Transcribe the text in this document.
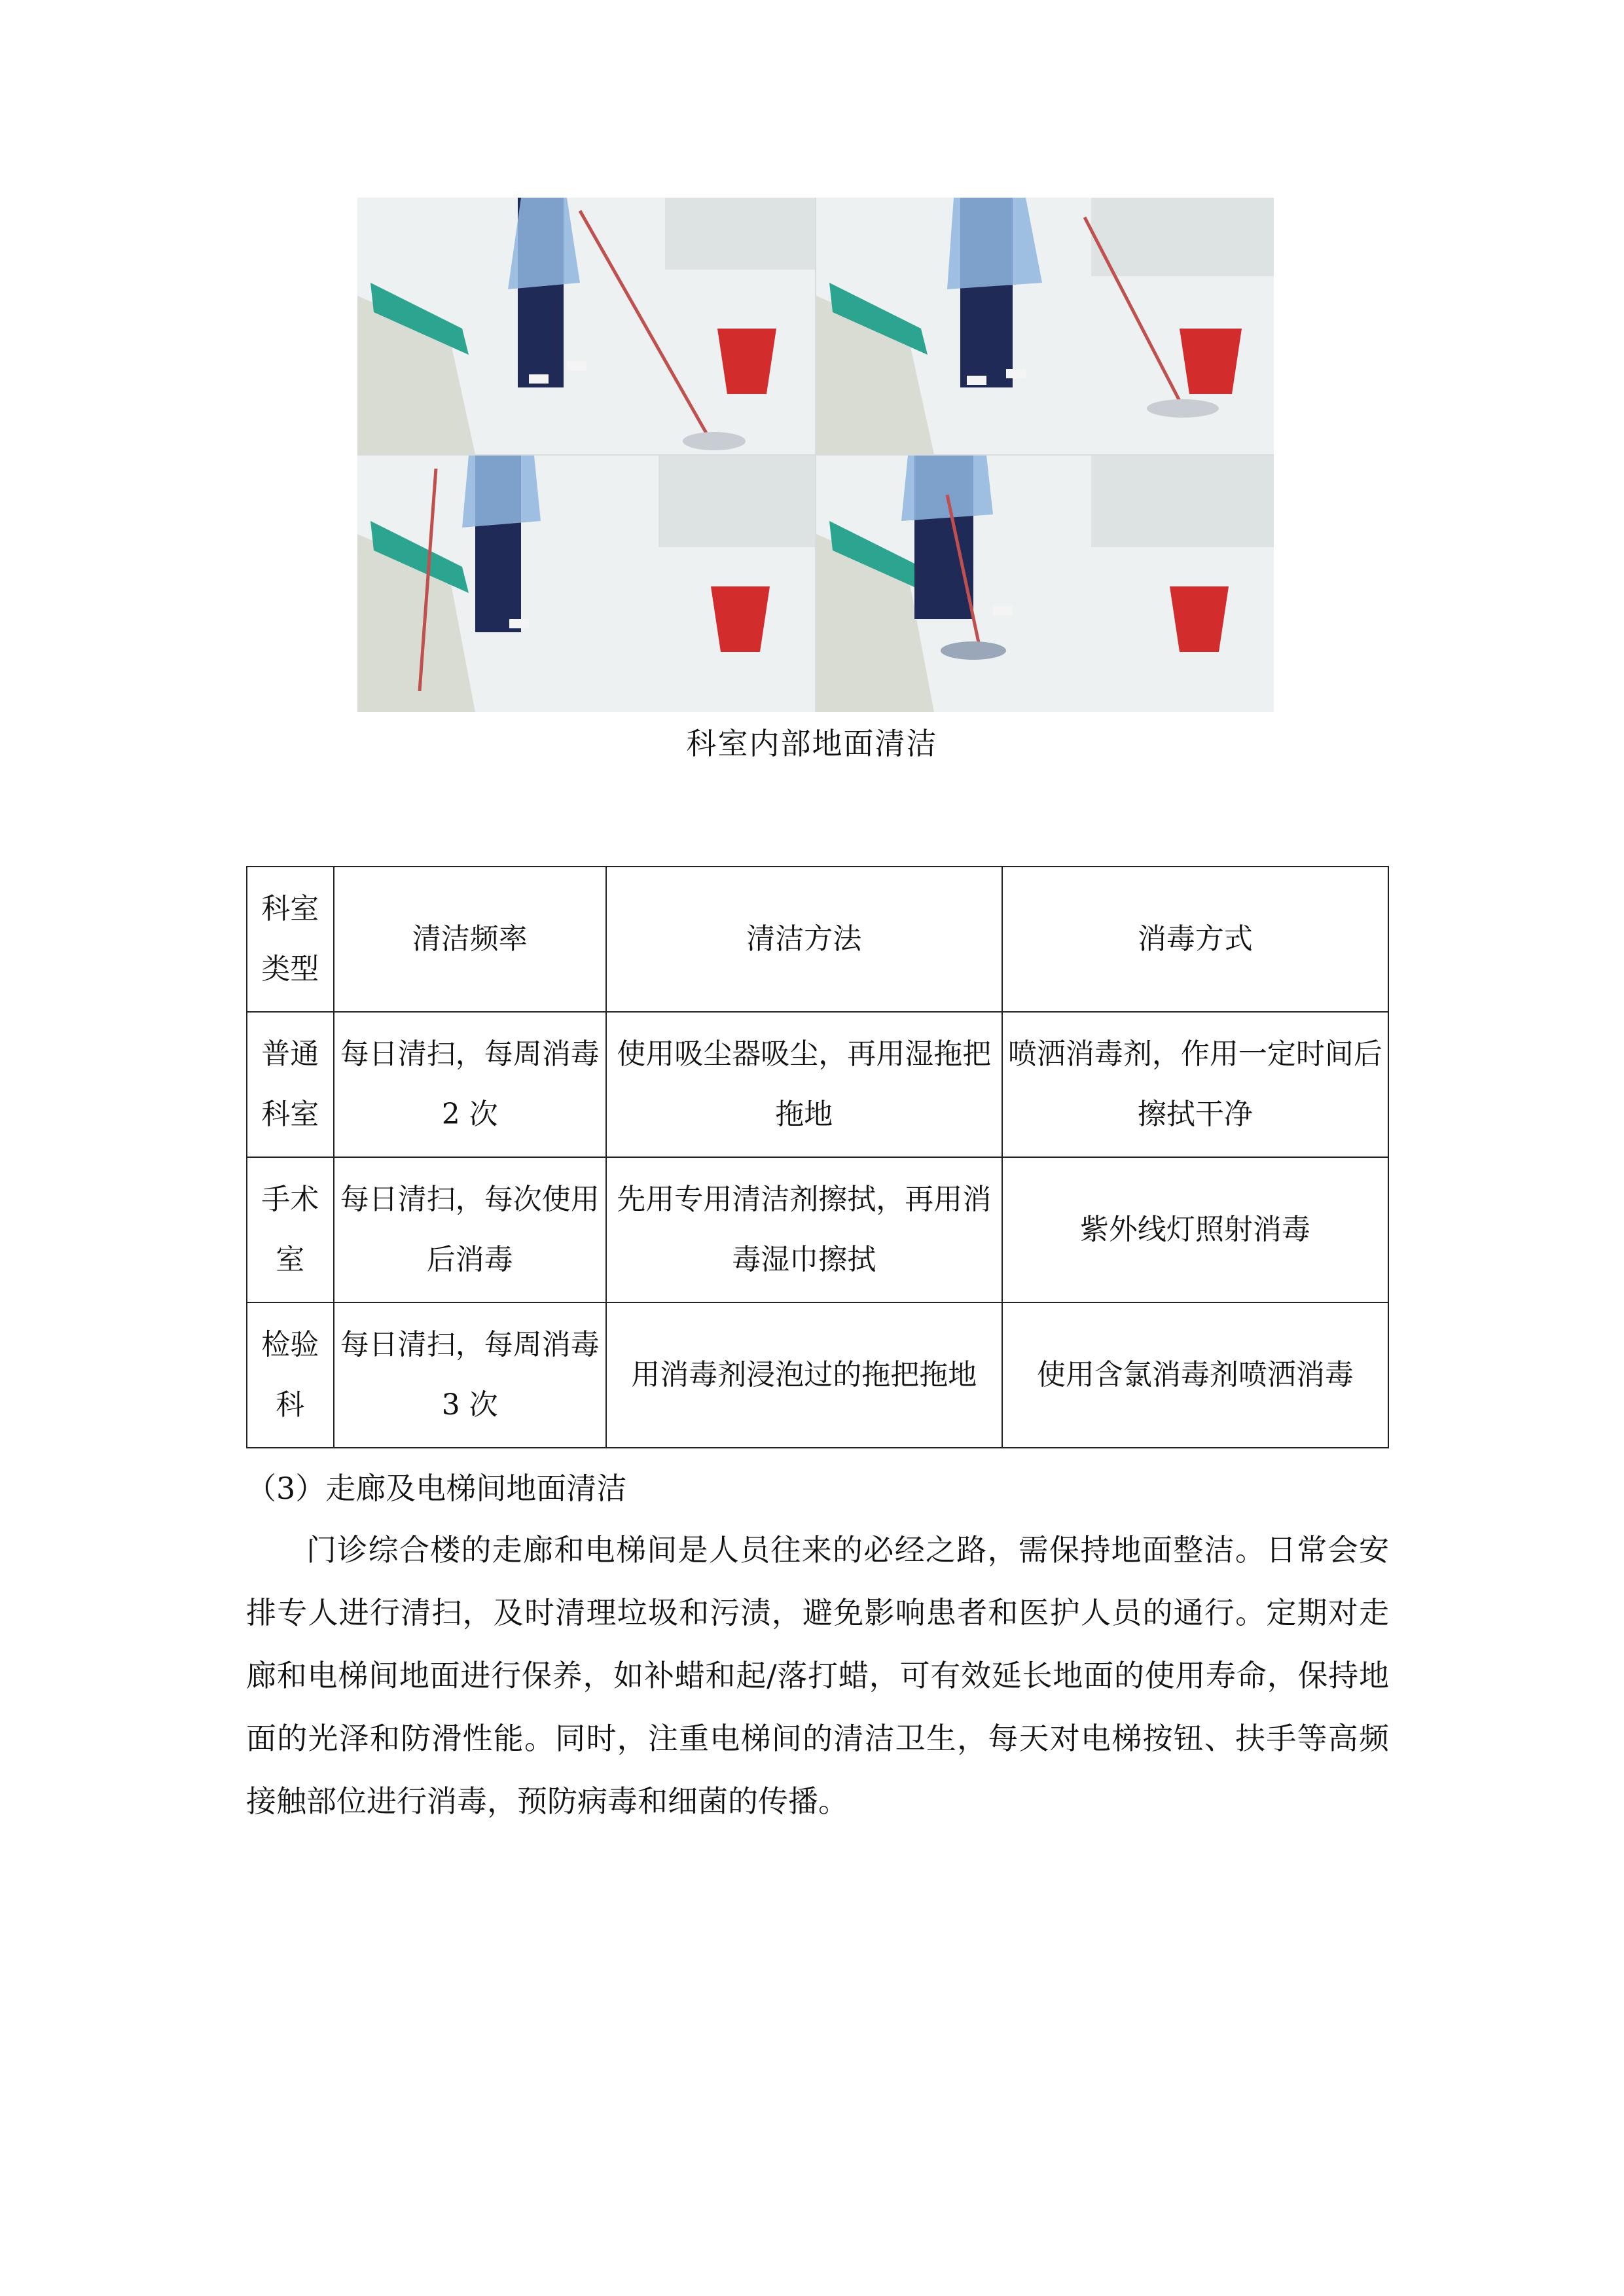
科室内部地面清洁
科室类型	清洁频率	清洁方法	消毒方式
普通科室	每日清扫，每周消毒 2 次	使用吸尘器吸尘，再用湿拖把拖地	喷洒消毒剂，作用一定时间后擦拭干净
手术室	每日清扫，每次使用后消毒	先用专用清洁剂擦拭，再用消毒湿巾擦拭	紫外线灯照射消毒
检验科	每日清扫，每周消毒 3 次	用消毒剂浸泡过的拖把拖地	使用含氯消毒剂喷洒消毒
（3）走廊及电梯间地面清洁
门诊综合楼的走廊和电梯间是人员往来的必经之路，需保持地面整洁。日常会安排专人进行清扫，及时清理垃圾和污渍，避免影响患者和医护人员的通行。定期对走廊和电梯间地面进行保养，如补蜡和起/落打蜡，可有效延长地面的使用寿命，保持地面的光泽和防滑性能。同时，注重电梯间的清洁卫生，每天对电梯按钮、扶手等高频接触部位进行消毒，预防病毒和细菌的传播。
